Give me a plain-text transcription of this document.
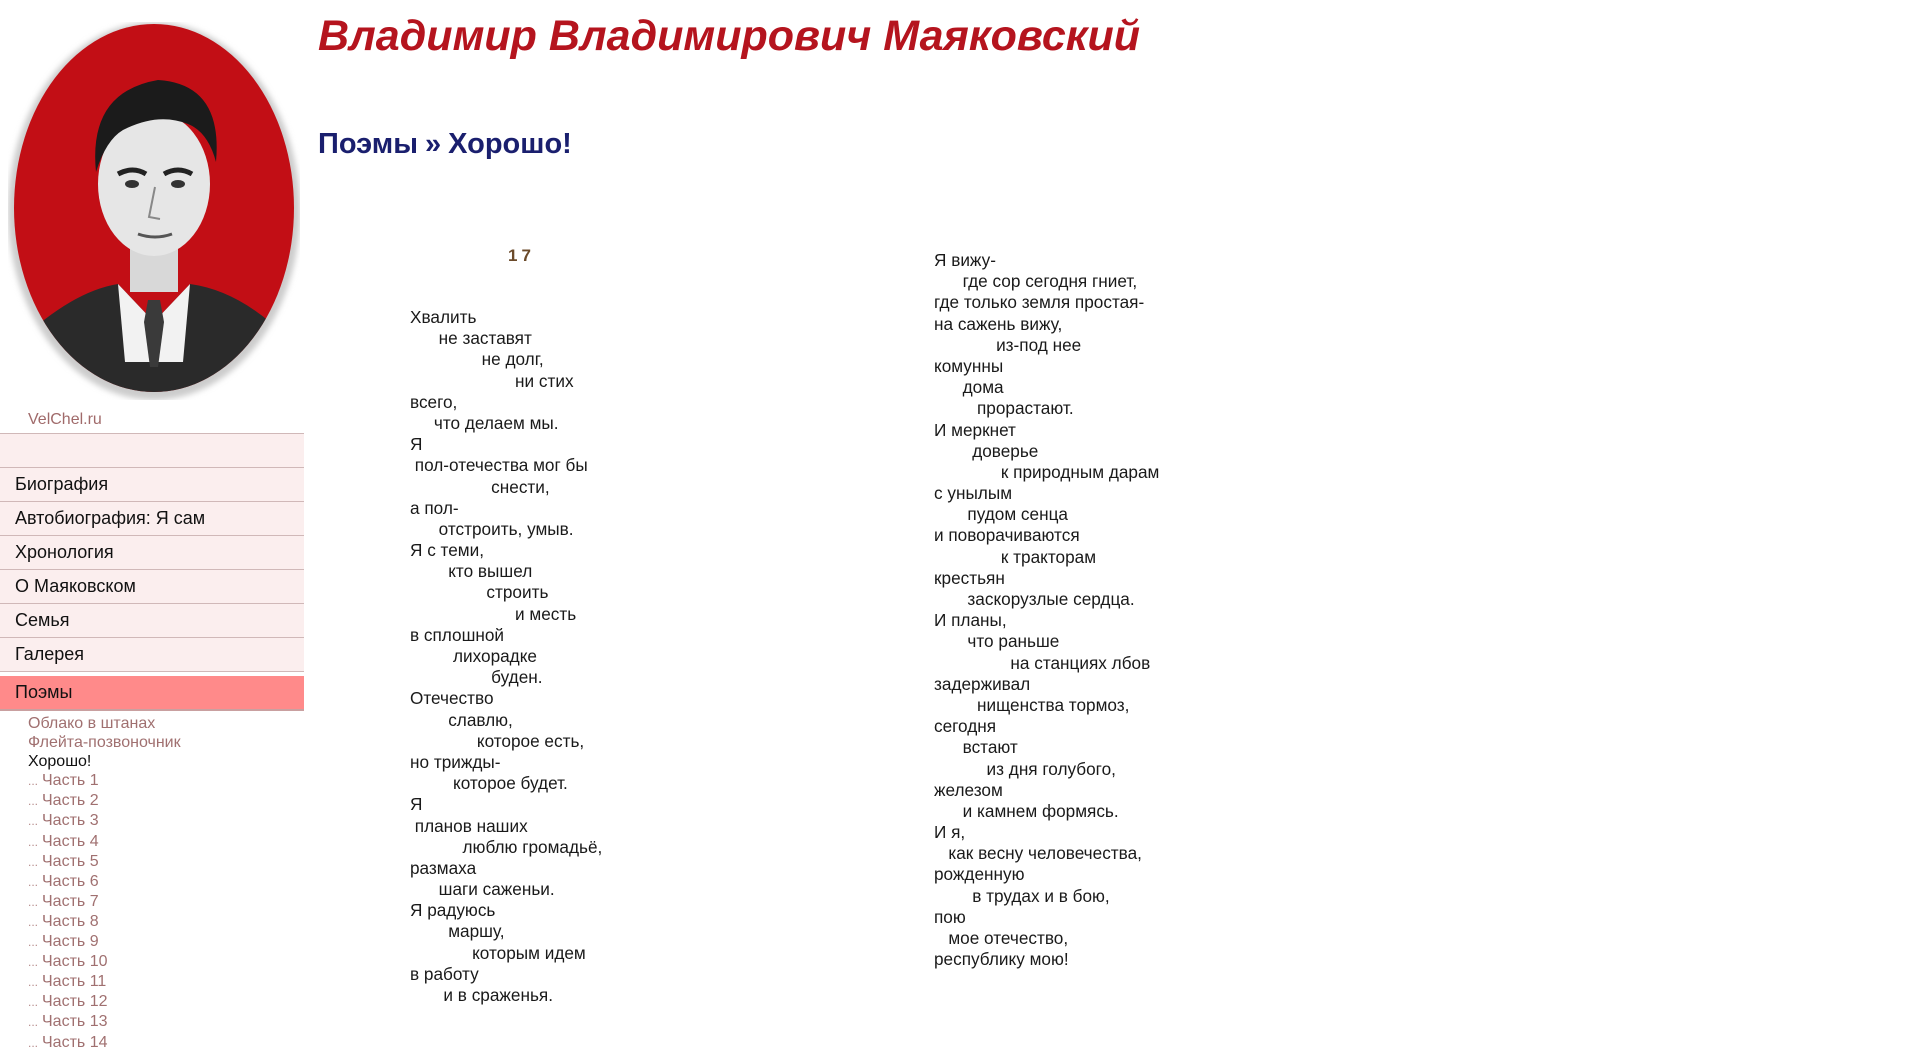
VelChel.ru
Биография
Автобиография: Я сам
Хронология
О Маяковском
Семья
Галерея
Поэмы
Облако в штанах
Флейта-позвоночник
Хорошо!
... Часть 1
... Часть 2
... Часть 3
... Часть 4
... Часть 5
... Часть 6
... Часть 7
... Часть 8
... Часть 9
... Часть 10
... Часть 11
... Часть 12
... Часть 13
... Часть 14
Владимир Владимирович Маяковский
Поэмы » Хорошо!
17
Хвалить
не заставят
не долг,
ни стих
всего,
что делаем мы.
Я
пол-отечества мог бы
снести,
а пол-
отстроить, умыв.
Я с теми,
кто вышел
строить
и месть
в сплошной
лихорадке
буден.
Отечество
славлю,
которое есть,
но трижды-
которое будет.
Я
планов наших
люблю громадьё,
размаха
шаги саженьи.
Я радуюсь
маршу,
которым идем
в работу
и в сраженья.
Я вижу-
где сор сегодня гниет,
где только земля простая-
на сажень вижу,
из-под нее
комунны
дома
прорастают.
И меркнет
доверье
к природным дарам
с унылым
пудом сенца
и поворачиваются
к тракторам
крестьян
заскорузлые сердца.
И планы,
что раньше
на станциях лбов
задерживал
нищенства тормоз,
сегодня
встают
из дня голубого,
железом
и камнем формясь.
И я,
как весну человечества,
рожденную
в трудах и в бою,
пою
мое отечество,
республику мою!
